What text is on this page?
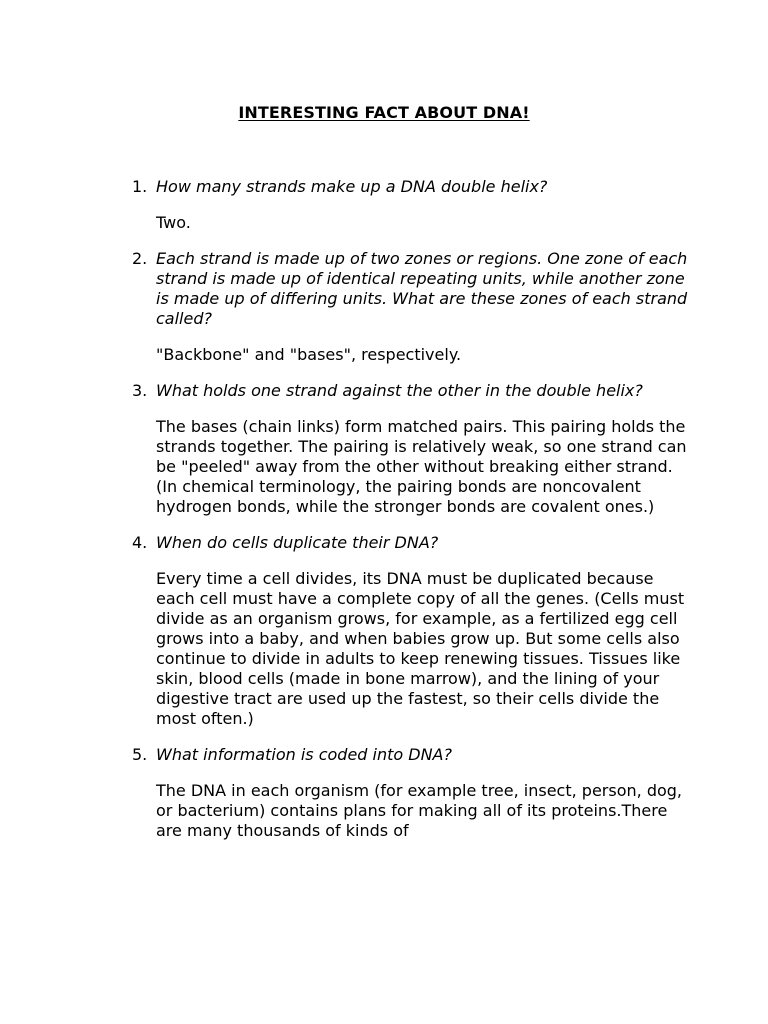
INTERESTING FACT ABOUT DNA!
1. How many strands make up a DNA double helix?

Two.

2. Each strand is made up of two zones or regions. One zone of each strand is made up of identical repeating units, while another zone is made up of differing units. What are these zones of each strand called?

"Backbone" and "bases", respectively.

3. What holds one strand against the other in the double helix?

The bases (chain links) form matched pairs. This pairing holds the strands together. The pairing is relatively weak, so one strand can be "peeled" away from the other without breaking either strand. (In chemical terminology, the pairing bonds are noncovalent hydrogen bonds, while the stronger bonds are covalent ones.)

4. When do cells duplicate their DNA?

Every time a cell divides, its DNA must be duplicated because each cell must have a complete copy of all the genes. (Cells must divide as an organism grows, for example, as a fertilized egg cell grows into a baby, and when babies grow up. But some cells also continue to divide in adults to keep renewing tissues. Tissues like skin, blood cells (made in bone marrow), and the lining of your digestive tract are used up the fastest, so their cells divide the most often.)

5. What information is coded into DNA?

The DNA in each organism (for example tree, insect, person, dog, or bacterium) contains plans for making all of its proteins.There are many thousands of kinds of
